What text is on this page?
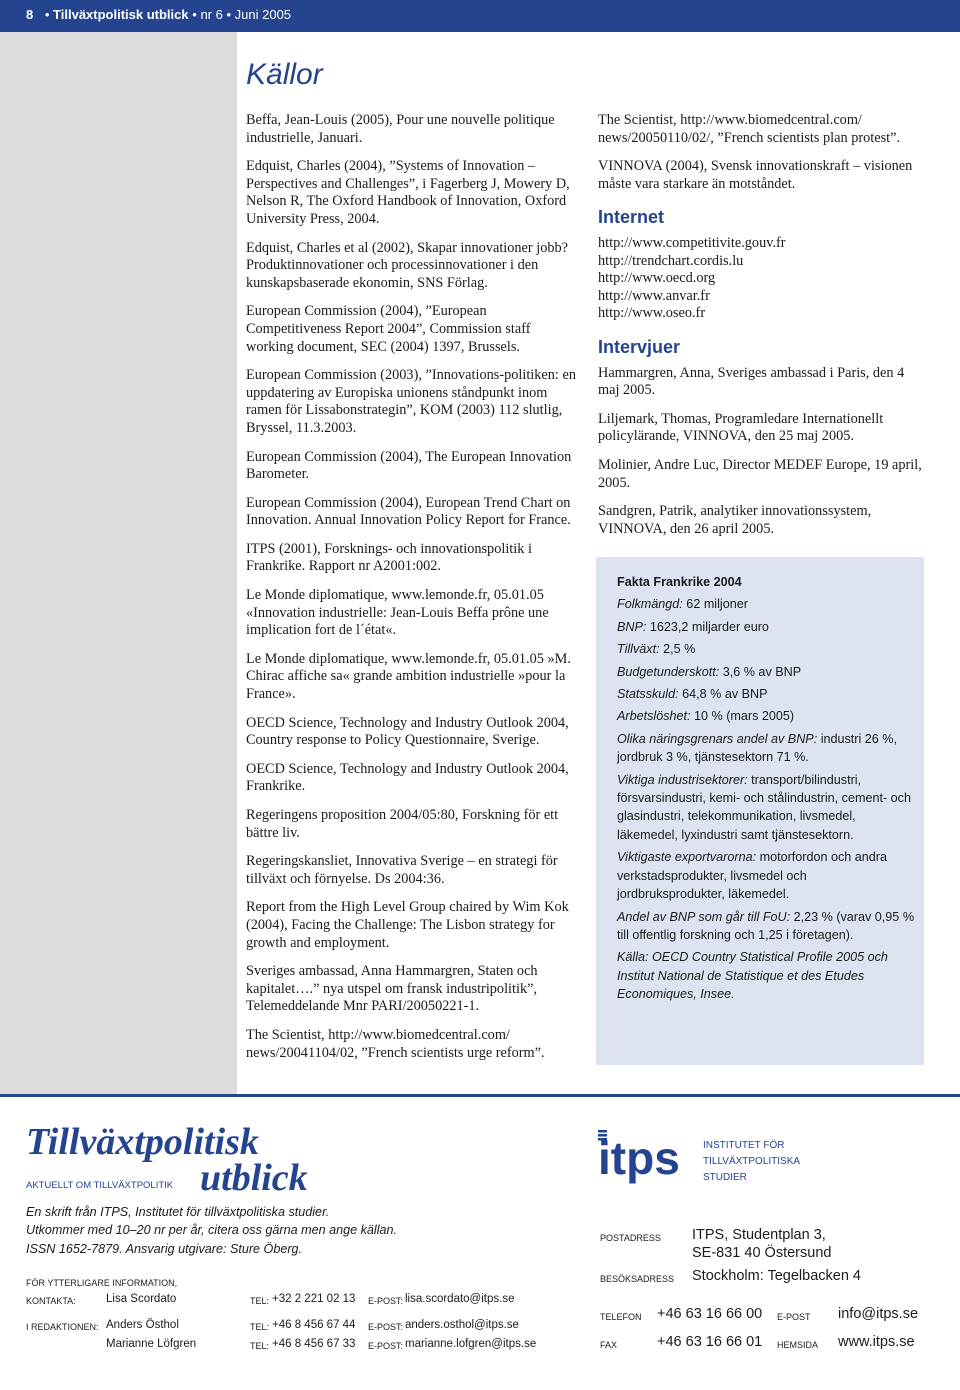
8 • Tillväxtpolitisk utblick • nr 6 • Juni 2005
Källor

Beffa, Jean-Louis (2005), Pour une nouvelle politique industrielle, Januari.

Edquist, Charles (2004), ”Systems of Innovation – Perspectives and Challenges”, i Fagerberg J, Mowery D, Nelson R, The Oxford Handbook of Innovation, Oxford University Press, 2004.

Edquist, Charles et al (2002), Skapar innovationer jobb? Produktinnovationer och processinnovationer i den kunskapsbaserade ekonomin, SNS Förlag.

European Commission (2004), ”European Competitiveness Report 2004”, Commission staff working document, SEC (2004) 1397, Brussels.

European Commission (2003), ”Innovations-politiken: en uppdatering av Europiska unionens ståndpunkt inom ramen för Lissabonstrategin”, KOM (2003) 112 slutlig, Bryssel, 11.3.2003.

European Commission (2004), The European Innovation Barometer.

European Commission (2004), European Trend Chart on Innovation. Annual Innovation Policy Report for France.

ITPS (2001), Forsknings- och innovationspolitik i Frankrike. Rapport nr A2001:002.

Le Monde diplomatique, www.lemonde.fr, 05.01.05 «Innovation industrielle: Jean-Louis Beffa prône une implication fort de l´état«.

Le Monde diplomatique, www.lemonde.fr, 05.01.05 »M. Chirac affiche sa« grande ambition industrielle »pour la France».

OECD Science, Technology and Industry Outlook 2004, Country response to Policy Questionnaire, Sverige.

OECD Science, Technology and Industry Outlook 2004, Frankrike.

Regeringens proposition 2004/05:80, Forskning för ett bättre liv.

Regeringskansliet, Innovativa Sverige – en strategi för tillväxt och förnyelse. Ds 2004:36.

Report from the High Level Group chaired by Wim Kok (2004), Facing the Challenge: The Lisbon strategy for growth and employment.

Sveriges ambassad, Anna Hammargren, Staten och kapitalet….” nya utspel om fransk industripolitik”, Telemeddelande Mnr PARI/20050221-1.

The Scientist, http://www.biomedcentral.com/ news/20041104/02, ”French scientists urge reform”.

The Scientist, http://www.biomedcentral.com/ news/20050110/02/, ”French scientists plan protest”.

VINNOVA (2004), Svensk innovationskraft – visionen måste vara starkare än motståndet.

Internet
http://www.competitivite.gouv.fr
http://trendchart.cordis.lu
http://www.oecd.org
http://www.anvar.fr
http://www.oseo.fr
Intervjuer

Hammargren, Anna, Sveriges ambassad i Paris, den 4 maj 2005.

Liljemark, Thomas, Programledare Internationellt policylärande, VINNOVA, den 25 maj 2005.

Molinier, Andre Luc, Director MEDEF Europe, 19 april, 2005.

Sandgren, Patrik, analytiker innovationssystem, VINNOVA, den 26 april 2005.

Fakta Frankrike 2004
Folkmängd: 62 miljoner
BNP: 1623,2 miljarder euro
Tillväxt: 2,5 %
Budgetunderskott: 3,6 % av BNP
Statsskuld: 64,8 % av BNP
Arbetslöshet: 10 % (mars 2005)
Olika näringsgrenars andel av BNP: industri 26 %, jordbruk 3 %, tjänstesektorn 71 %.
Viktiga industrisektorer: transport/bilindustri, försvarsindustri, kemi- och stålindustrin, cement- och glasindustri, telekommunikation, livsmedel, läkemedel, lyxindustri samt tjänstesektorn.
Viktigaste exportvarorna: motorfordon och andra verkstadsprodukter, livsmedel och jordbruksprodukter, läkemedel.
Andel av BNP som går till FoU: 2,23 % (varav 0,95 % till offentlig forskning och 1,25 i företagen).
Källa: OECD Country Statistical Profile 2005 och Institut National de Statistique et des Etudes Economiques, Insee.
Tillväxtpolitisk
AKTUELLT OM TILLVÄXTPOLITIK utblick
En skrift från ITPS, Institutet för tillväxtpolitiska studier.
Utkommer med 10–20 nr per år, citera oss gärna men ange källan.
ISSN 1652-7879. Ansvarig utgivare: Sture Öberg.
FÖR YTTERLIGARE INFORMATION,
KONTAKTA:	Lisa Scordato	TEL: +32 2 221 02 13 E-POST: lisa.scordato@itps.se
I REDAKTIONEN: Anders Östhol	TEL: +46 8 456 67 44 E-POST: anders.osthol@itps.se
Marianne Löfgren	TEL: +46 8 456 67 33 E-POST: marianne.lofgren@itps.se
itps INSTITUTET FÖR
TILLVÄXTPOLITISKA
STUDIER
POSTADRESS ITPS, Studentplan 3,
SE-831 40 Östersund
BESÖKSADRESS Stockholm: Tegelbacken 4
TELEFON +46 63 16 66 00 E-POST info@itps.se
FAX	+46 63 16 66 01 HEMSIDA www.itps.se
